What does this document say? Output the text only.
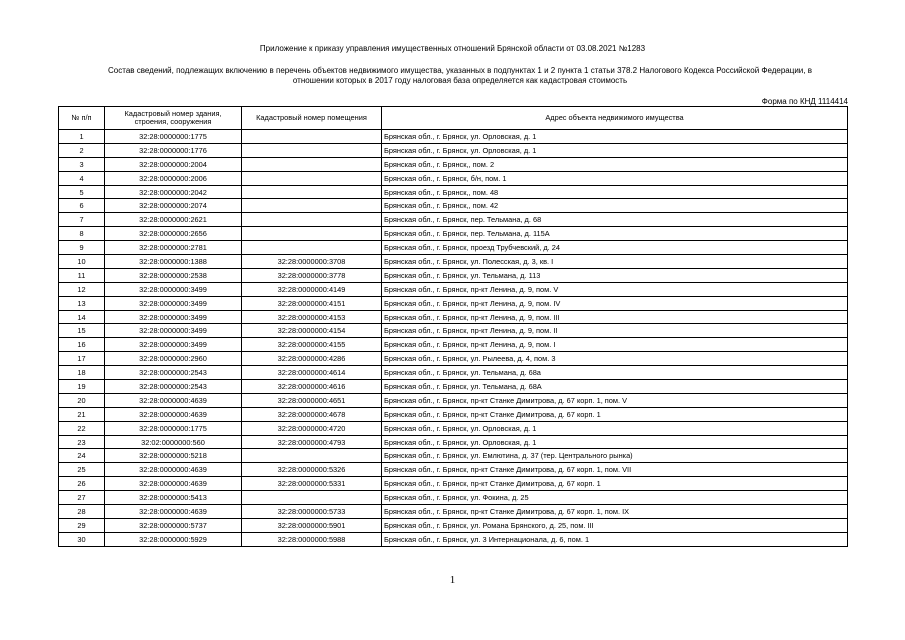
Приложение к приказу управления имущественных отношений Брянской области от 03.08.2021 №1283
Состав сведений, подлежащих включению в перечень объектов недвижимого имущества, указанных в подпунктах 1 и 2 пункта 1 статьи 378.2 Налогового Кодекса Российской Федерации, в
отношении которых в 2017 году налоговая база определяется как кадастровая стоимость
Форма по КНД 1114414
№ п/п	Кадастровый номер здания, строения, сооружения	Кадастровый номер помещения	Адрес объекта недвижимого имущества
1	32:28:0000000:1775		Брянская обл., г. Брянск, ул. Орловская, д. 1
2	32:28:0000000:1776		Брянская обл., г. Брянск, ул. Орловская, д. 1
3	32:28:0000000:2004		Брянская обл., г. Брянск,, пом. 2
4	32:28:0000000:2006		Брянская обл., г. Брянск, б/н, пом. 1
5	32:28:0000000:2042		Брянская обл., г. Брянск,, пом. 48
6	32:28:0000000:2074		Брянская обл., г. Брянск,, пом. 42
7	32:28:0000000:2621		Брянская обл., г. Брянск, пер. Тельмана, д. 68
8	32:28:0000000:2656		Брянская обл., г. Брянск, пер. Тельмана, д. 115А
9	32:28:0000000:2781		Брянская обл., г. Брянск, проезд Трубчевский, д. 24
10	32:28:0000000:1388	32:28:0000000:3708	Брянская обл., г. Брянск, ул. Полесская, д. 3, кв. I
11	32:28:0000000:2538	32:28:0000000:3778	Брянская обл., г. Брянск, ул. Тельмана, д. 113
12	32:28:0000000:3499	32:28:0000000:4149	Брянская обл., г. Брянск, пр-кт Ленина, д. 9, пом. V
13	32:28:0000000:3499	32:28:0000000:4151	Брянская обл., г. Брянск, пр-кт Ленина, д. 9, пом. IV
14	32:28:0000000:3499	32:28:0000000:4153	Брянская обл., г. Брянск, пр-кт Ленина, д. 9, пом. III
15	32:28:0000000:3499	32:28:0000000:4154	Брянская обл., г. Брянск, пр-кт Ленина, д. 9, пом. II
16	32:28:0000000:3499	32:28:0000000:4155	Брянская обл., г. Брянск, пр-кт Ленина, д. 9, пом. I
17	32:28:0000000:2960	32:28:0000000:4286	Брянская обл., г. Брянск, ул. Рылеева, д. 4, пом. 3
18	32:28:0000000:2543	32:28:0000000:4614	Брянская обл., г. Брянск, ул. Тельмана, д. 68а
19	32:28:0000000:2543	32:28:0000000:4616	Брянская обл., г. Брянск, ул. Тельмана, д. 68А
20	32:28:0000000:4639	32:28:0000000:4651	Брянская обл., г. Брянск, пр-кт Станке Димитрова, д. 67 корп. 1, пом. V
21	32:28:0000000:4639	32:28:0000000:4678	Брянская обл., г. Брянск, пр-кт Станке Димитрова, д. 67 корп. 1
22	32:28:0000000:1775	32:28:0000000:4720	Брянская обл., г. Брянск, ул. Орловская, д. 1
23	32:02:0000000:560	32:28:0000000:4793	Брянская обл., г. Брянск, ул. Орловская, д. 1
24	32:28:0000000:5218		Брянская обл., г. Брянск, ул. Емлютина, д. 37 (тер. Центрального рынка)
25	32:28:0000000:4639	32:28:0000000:5326	Брянская обл., г. Брянск, пр-кт Станке Димитрова, д. 67 корп. 1, пом. VII
26	32:28:0000000:4639	32:28:0000000:5331	Брянская обл., г. Брянск, пр-кт Станке Димитрова, д. 67 корп. 1
27	32:28:0000000:5413		Брянская обл., г. Брянск, ул. Фокина, д. 25
28	32:28:0000000:4639	32:28:0000000:5733	Брянская обл., г. Брянск, пр-кт Станке Димитрова, д. 67 корп. 1, пом. IX
29	32:28:0000000:5737	32:28:0000000:5901	Брянская обл., г. Брянск, ул. Романа Брянского, д. 25, пом. III
30	32:28:0000000:5929	32:28:0000000:5988	Брянская обл., г. Брянск, ул. 3 Интернационала, д. 6, пом. 1
1
